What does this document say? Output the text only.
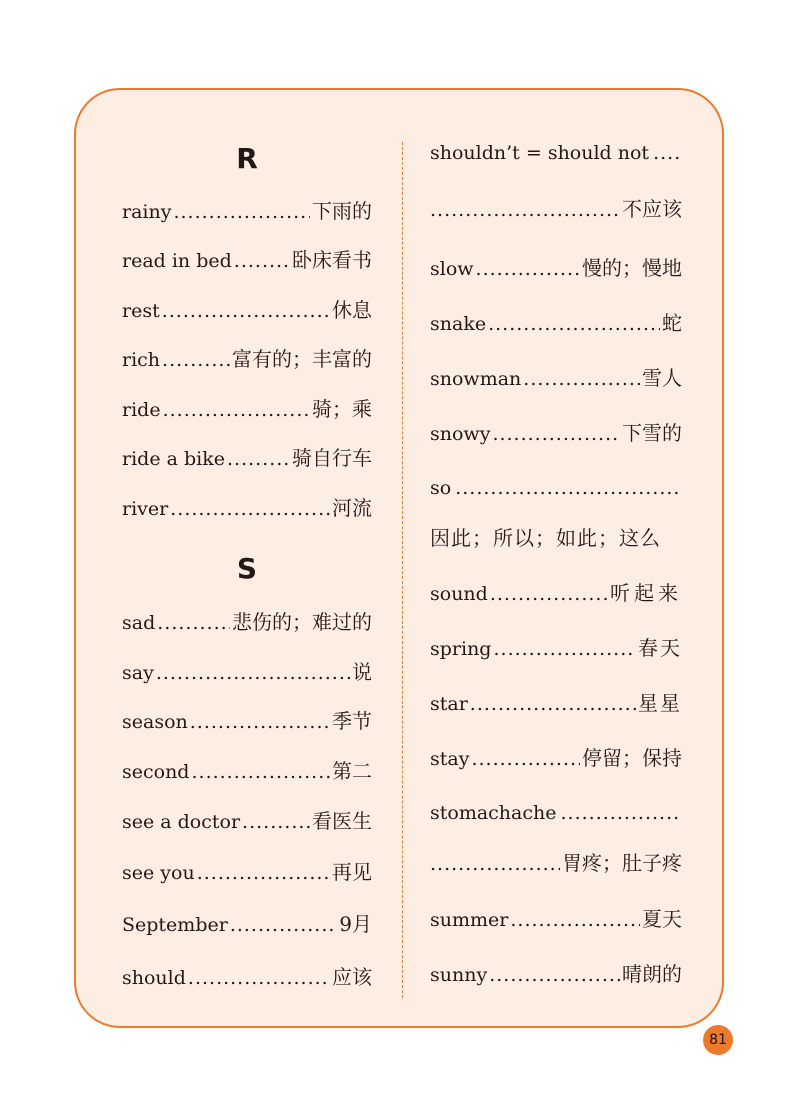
R
rainy .....	下雨的
read in bed .....	卧床看书
rest .....	休息
rich .....	富有的；丰富的
ride .....	骑；乘
ride a bike .....	骑自行车
river .....	河流
S
sad .....	悲伤的；难过的
say .....	说
season .....	季节
second .....	第二
see a doctor .....	看医生
see you .....	再见
September .....	9月
should .....	应该
shouldn’t = should not
.....
.....
不应该
slow .....	慢的；慢地
snake .....	蛇
snowman .....	雪人
snowy .....	下雪的
so
.....
因此；所以；如此；这么
sound .....	听起来
spring .....	春天
star .....	星星
stay .....	停留；保持
stomachache
.....
.....
胃疼；肚子疼
summer .....	夏天
sunny .....	晴朗的
81
